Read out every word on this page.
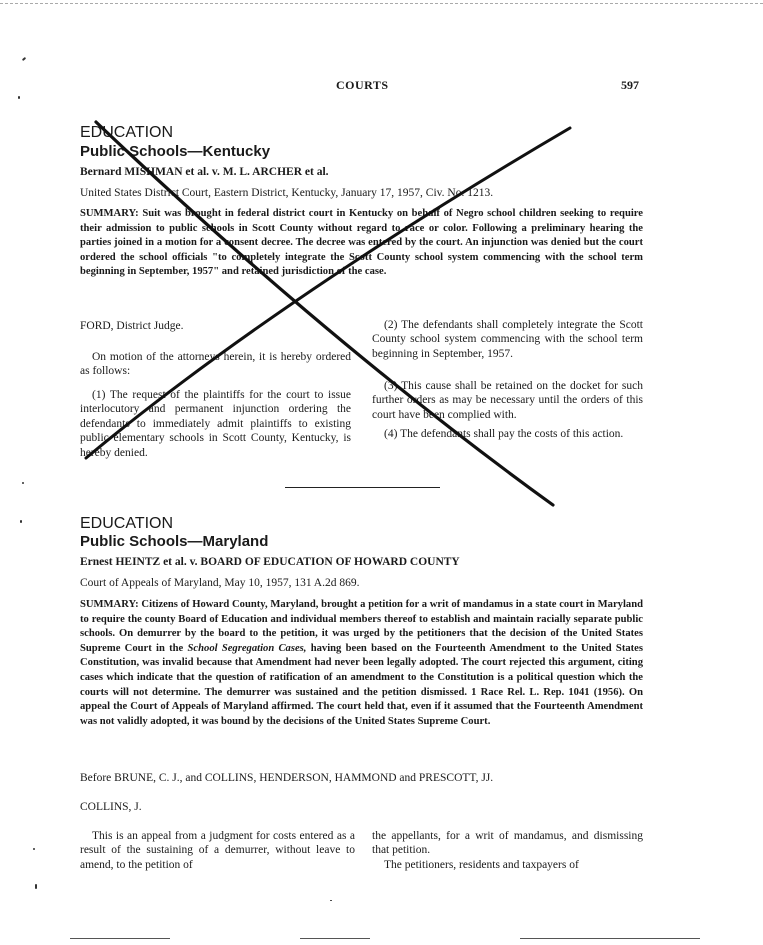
COURTS	597
EDUCATION
Public Schools—Kentucky
Bernard MISHMAN et al. v. M. L. ARCHER et al.
United States District Court, Eastern District, Kentucky, January 17, 1957, Civ. No. 1213.
SUMMARY: Suit was brought in federal district court in Kentucky on behalf of Negro school children seeking to require their admission to public schools in Scott County without regard to race or color. Following a preliminary hearing the parties joined in a motion for a consent decree. The decree was entered by the court. An injunction was denied but the court ordered the school officials "to completely integrate the Scott County school system commencing with the school term beginning in September, 1957" and retained jurisdiction of the case.
FORD, District Judge.
On motion of the attorneys herein, it is hereby ordered as follows:
(1) The request of the plaintiffs for the court to issue interlocutory and permanent injunction ordering the defendants to immediately admit plaintiffs to existing public elementary schools in Scott County, Kentucky, is hereby denied.
(2) The defendants shall completely integrate the Scott County school system commencing with the school term beginning in September, 1957.
(3) This cause shall be retained on the docket for such further orders as may be necessary until the orders of this court have been complied with.
(4) The defendants shall pay the costs of this action.
EDUCATION
Public Schools—Maryland
Ernest HEINTZ et al. v. BOARD OF EDUCATION OF HOWARD COUNTY
Court of Appeals of Maryland, May 10, 1957, 131 A.2d 869.
SUMMARY: Citizens of Howard County, Maryland, brought a petition for a writ of mandamus in a state court in Maryland to require the county Board of Education and individual members thereof to establish and maintain racially separate public schools. On demurrer by the board to the petition, it was urged by the petitioners that the decision of the United States Supreme Court in the School Segregation Cases, having been based on the Fourteenth Amendment to the United States Constitution, was invalid because that Amendment had never been legally adopted. The court rejected this argument, citing cases which indicate that the question of ratification of an amendment to the Constitution is a political question which the courts will not determine. The demurrer was sustained and the petition dismissed. 1 Race Rel. L. Rep. 1041 (1956). On appeal the Court of Appeals of Maryland affirmed. The court held that, even if it assumed that the Fourteenth Amendment was not validly adopted, it was bound by the decisions of the United States Supreme Court.
Before BRUNE, C. J., and COLLINS, HENDERSON, HAMMOND and PRESCOTT, JJ.
COLLINS, J.
This is an appeal from a judgment for costs entered as a result of the sustaining of a demurrer, without leave to amend, to the petition of
the appellants, for a writ of mandamus, and dismissing that petition.
The petitioners, residents and taxpayers of
